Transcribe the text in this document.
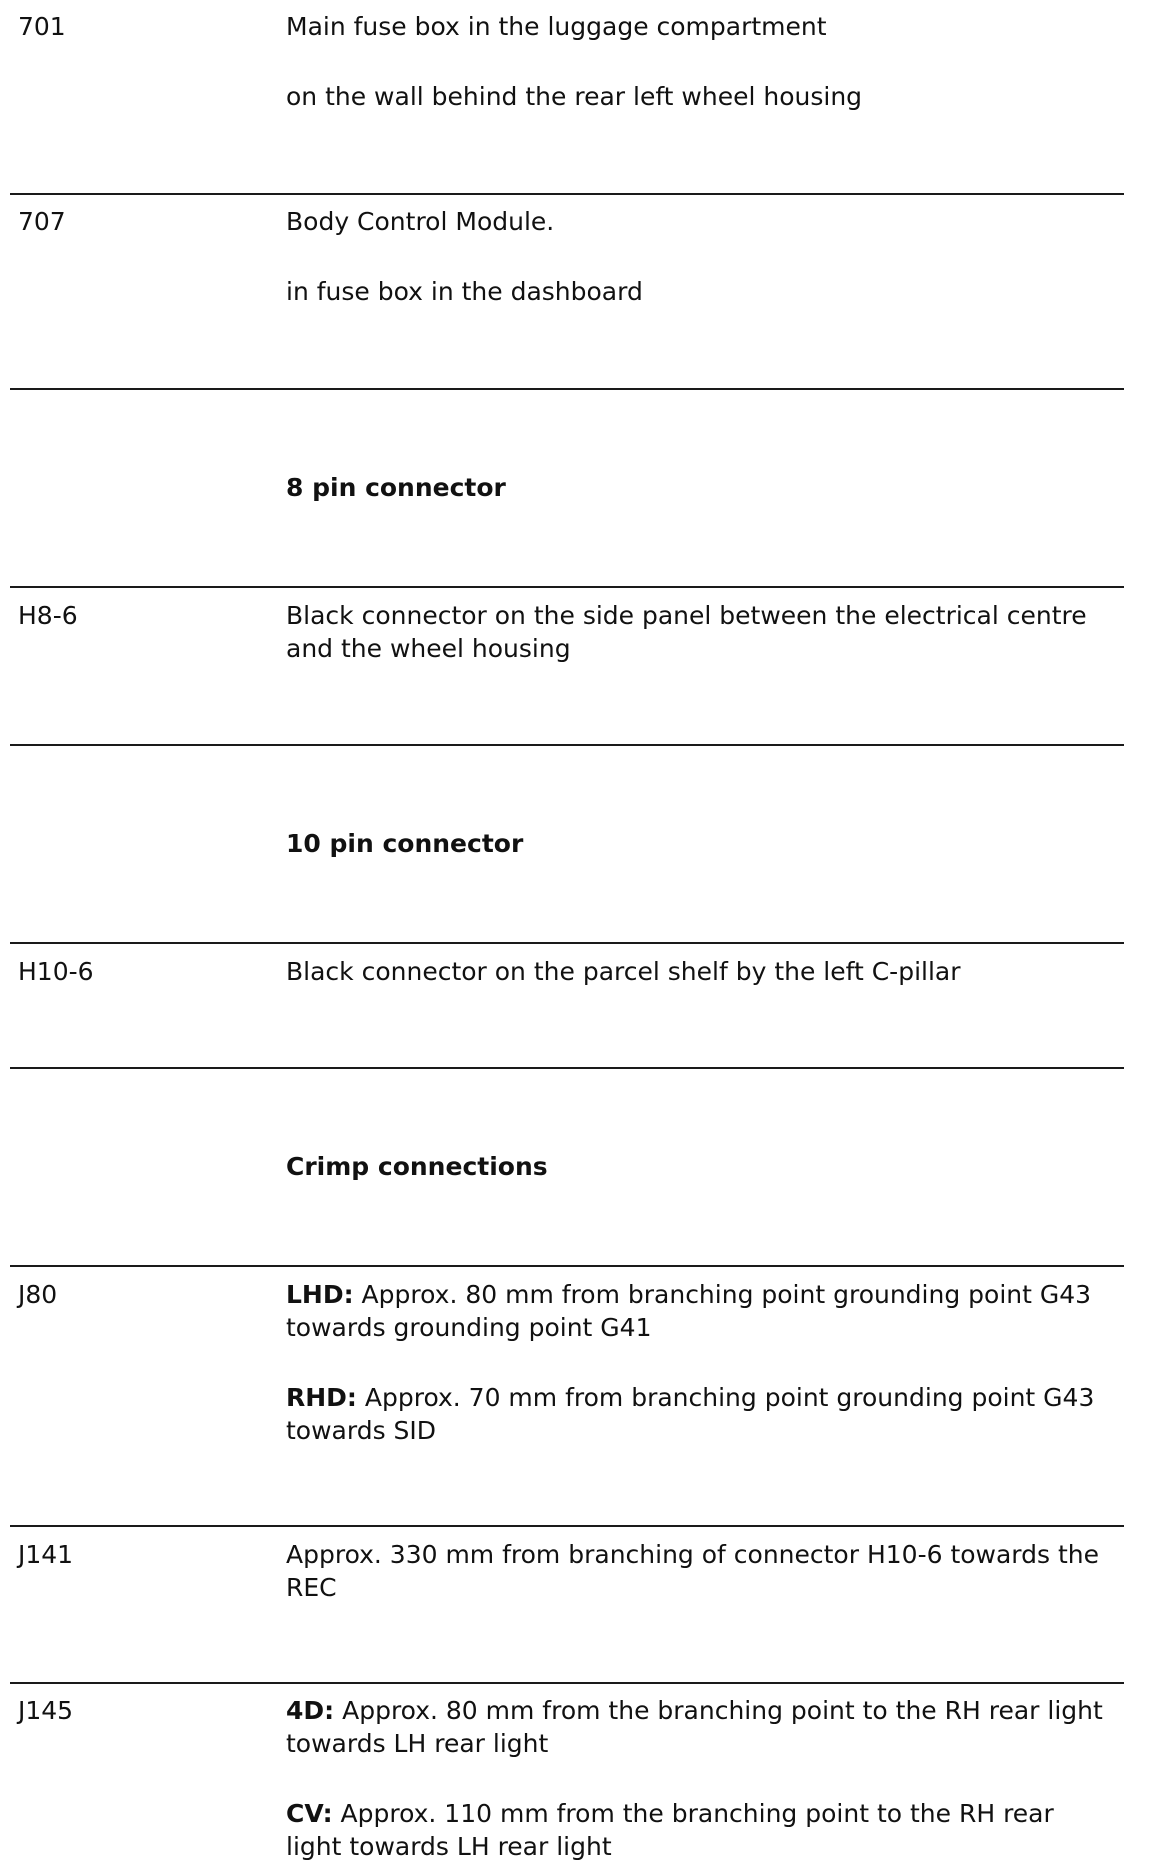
701	Main fuse box in the luggage compartment
on the wall behind the rear left wheel housing
707	Body Control Module.
in fuse box in the dashboard
8 pin connector
H8-6	Black connector on the side panel between the electrical centre and the wheel housing
10 pin connector
H10-6	Black connector on the parcel shelf by the left C-pillar
Crimp connections
J80	LHD: Approx. 80 mm from branching point grounding point G43 towards grounding point G41
RHD: Approx. 70 mm from branching point grounding point G43 towards SID
J141	Approx. 330 mm from branching of connector H10-6 towards the REC
J145	4D: Approx. 80 mm from the branching point to the RH rear light towards LH rear light
CV: Approx. 110 mm from the branching point to the RH rear light towards LH rear light
